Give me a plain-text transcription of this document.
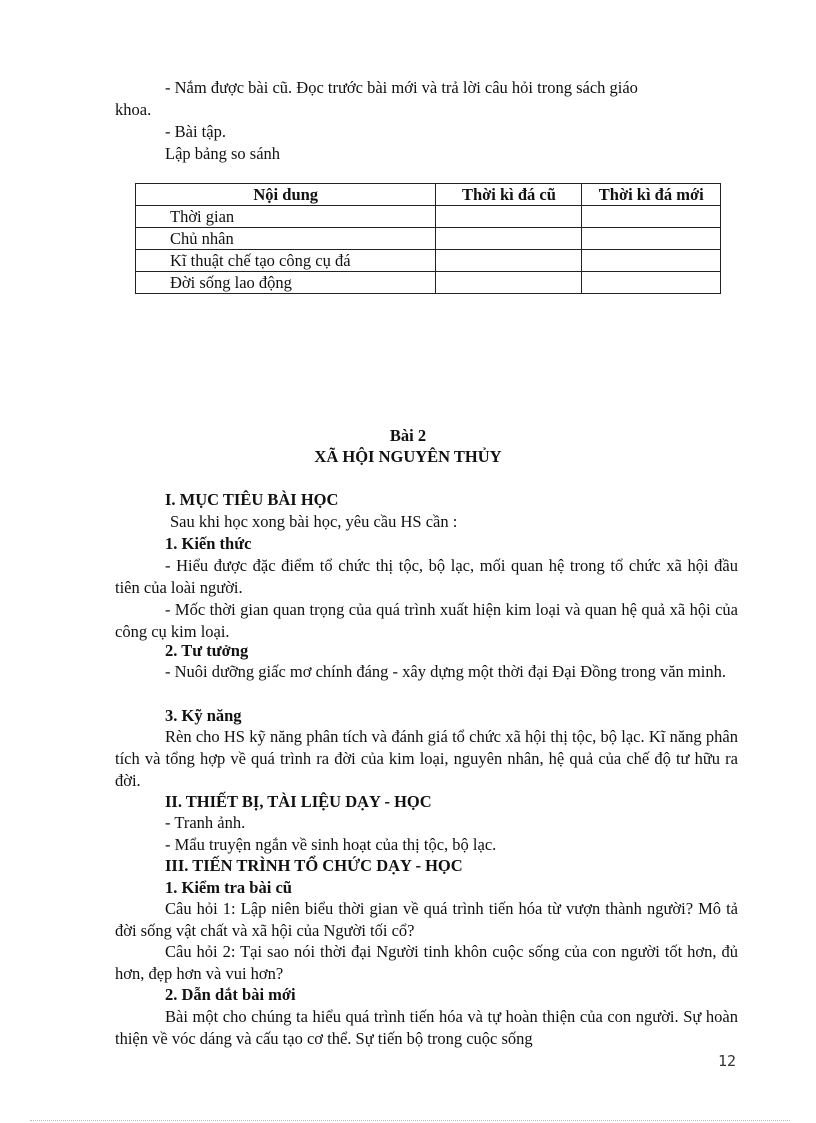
- Nắm được bài cũ. Đọc trước bài mới và trả lời câu hỏi trong sách giáo
khoa.
- Bài tập.
Lập bảng so sánh
Nội dung	Thời kì đá cũ	Thời kì đá mới
Thời gian		
Chủ nhân		
Kĩ thuật chế tạo công cụ đá		
Đời sống lao động		
Bài 2
XÃ HỘI NGUYÊN THỦY
I. MỤC TIÊU BÀI HỌC
Sau khi học xong bài học, yêu cầu HS cần :
1. Kiến thức
- Hiểu được đặc điểm tổ chức thị tộc, bộ lạc, mối quan hệ trong tổ chức xã hội đầu tiên của loài người.
- Mốc thời gian quan trọng của quá trình xuất hiện kim loại và quan hệ quả xã hội của công cụ kim loại.
2. Tư tưởng
- Nuôi dưỡng giấc mơ chính đáng - xây dựng một thời đại Đại Đồng trong văn minh.
3. Kỹ năng
Rèn cho HS kỹ năng phân tích và đánh giá tổ chức xã hội thị tộc, bộ lạc. Kĩ năng phân tích và tổng hợp về quá trình ra đời của kim loại, nguyên nhân, hệ quả của chế độ tư hữu ra đời.
II. THIẾT BỊ, TÀI LIỆU DẠY - HỌC
- Tranh ảnh.
- Mẩu truyện ngắn về sinh hoạt của thị tộc, bộ lạc.
III. TIẾN TRÌNH TỔ CHỨC DẠY - HỌC
1. Kiểm tra bài cũ
Câu hỏi 1: Lập niên biểu thời gian về quá trình tiến hóa từ vượn thành người? Mô tả đời sống vật chất và xã hội của Người tối cổ?
Câu hỏi 2: Tại sao nói thời đại Người tinh khôn cuộc sống của con người tốt hơn, đủ hơn, đẹp hơn và vui hơn?
2. Dẫn dắt bài mới
Bài một cho chúng ta hiểu quá trình tiến hóa và tự hoàn thiện của con người. Sự hoàn thiện về vóc dáng và cấu tạo cơ thể. Sự tiến bộ trong cuộc sống
12
